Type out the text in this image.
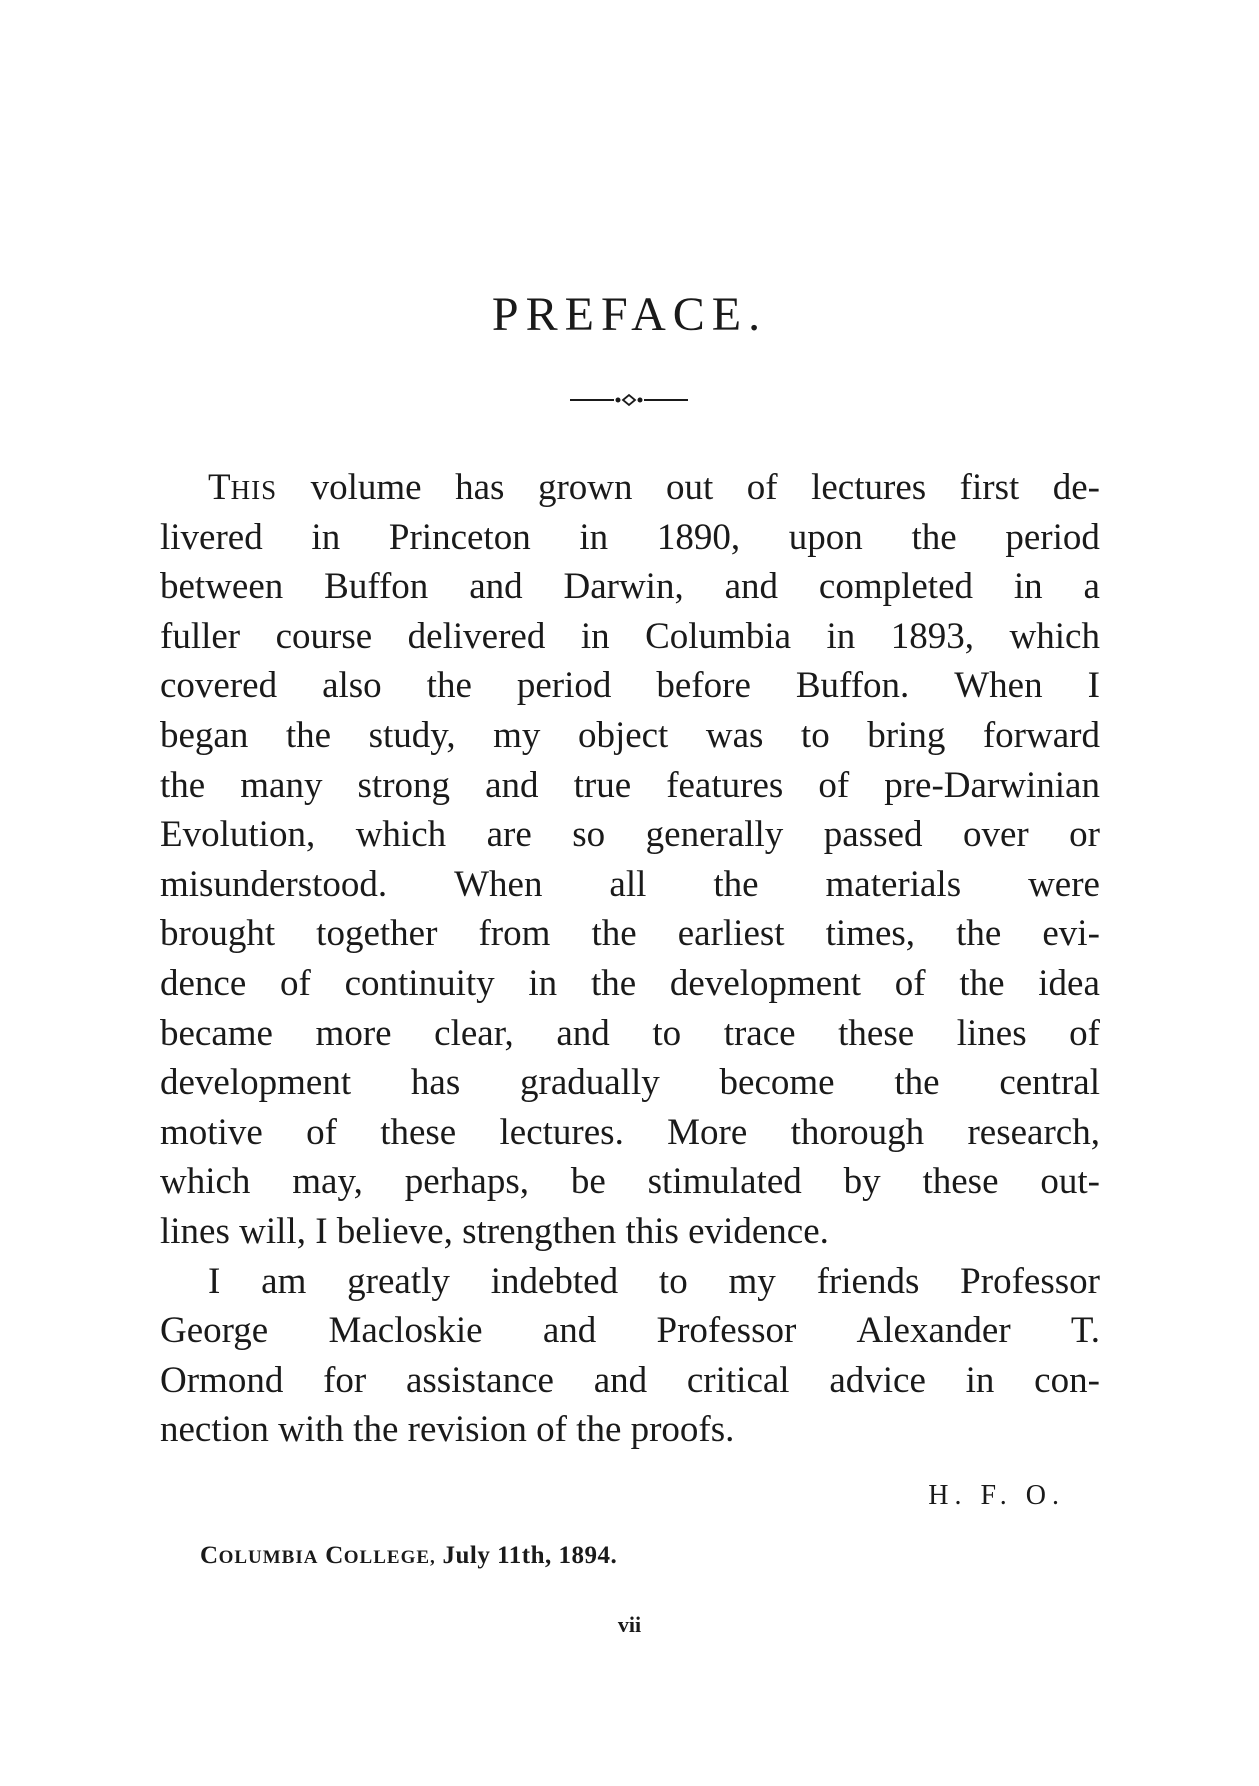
PREFACE.
THIS volume has grown out of lectures first de-
livered in Princeton in 1890, upon the period
between Buffon and Darwin, and completed in a
fuller course delivered in Columbia in 1893, which
covered also the period before Buffon. When I
began the study, my object was to bring forward
the many strong and true features of pre-Darwinian
Evolution, which are so generally passed over or
misunderstood. When all the materials were
brought together from the earliest times, the evi-
dence of continuity in the development of the idea
became more clear, and to trace these lines of
development has gradually become the central
motive of these lectures. More thorough research,
which may, perhaps, be stimulated by these out-
lines will, I believe, strengthen this evidence.
I am greatly indebted to my friends Professor
George Macloskie and Professor Alexander T.
Ormond for assistance and critical advice in con-
nection with the revision of the proofs.

H. F. O.

COLUMBIA COLLEGE, July 11th, 1894.

vii
